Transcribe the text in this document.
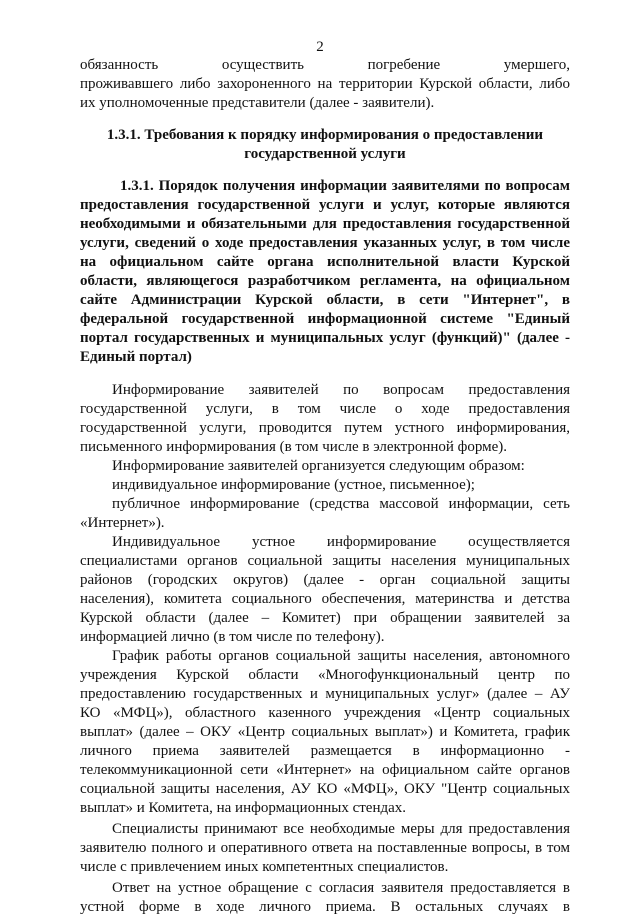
2
обязанность осуществить погребение умершего,
проживавшего либо захороненного на территории Курской области, либо
их уполномоченные представители (далее - заявители).
1.3.1. Требования к порядку информирования о предоставлении
государственной услуги
1.3.1. Порядок получения информации заявителями по вопросам
предоставления государственной услуги и услуг, которые являются
необходимыми и обязательными для предоставления государственной
услуги, сведений о ходе предоставления указанных услуг, в том числе
на официальном сайте органа исполнительной власти Курской
области, являющегося разработчиком регламента, на официальном
сайте Администрации Курской области, в сети "Интернет", в
федеральной государственной информационной системе "Единый
портал государственных и муниципальных услуг (функций)" (далее -
Единый портал)
Информирование заявителей по вопросам предоставления
государственной услуги, в том числе о ходе предоставления
государственной услуги, проводится путем устного информирования,
письменного информирования (в том числе в электронной форме).
Информирование заявителей организуется следующим образом:
индивидуальное информирование (устное, письменное);
публичное информирование (средства массовой информации, сеть
«Интернет»).
Индивидуальное устное информирование осуществляется
специалистами органов социальной защиты населения муниципальных
районов (городских округов) (далее - орган социальной защиты
населения), комитета социального обеспечения, материнства и детства
Курской области (далее – Комитет) при обращении заявителей за
информацией лично (в том числе по телефону).
График работы органов социальной защиты населения, автономного
учреждения Курской области «Многофункциональный центр по
предоставлению государственных и муниципальных услуг» (далее – АУ
КО «МФЦ»), областного казенного учреждения «Центр социальных
выплат» (далее – ОКУ «Центр социальных выплат») и Комитета, график
личного приема заявителей размещается в информационно -
телекоммуникационной сети «Интернет» на официальном сайте органов
социальной защиты населения, АУ КО «МФЦ», ОКУ "Центр социальных
выплат» и Комитета, на информационных стендах.
Специалисты принимают все необходимые меры для предоставления
заявителю полного и оперативного ответа на поставленные вопросы, в том
числе с привлечением иных компетентных специалистов.
Ответ на устное обращение с согласия заявителя предоставляется в
устной форме в ходе личного приема. В остальных случаях в
